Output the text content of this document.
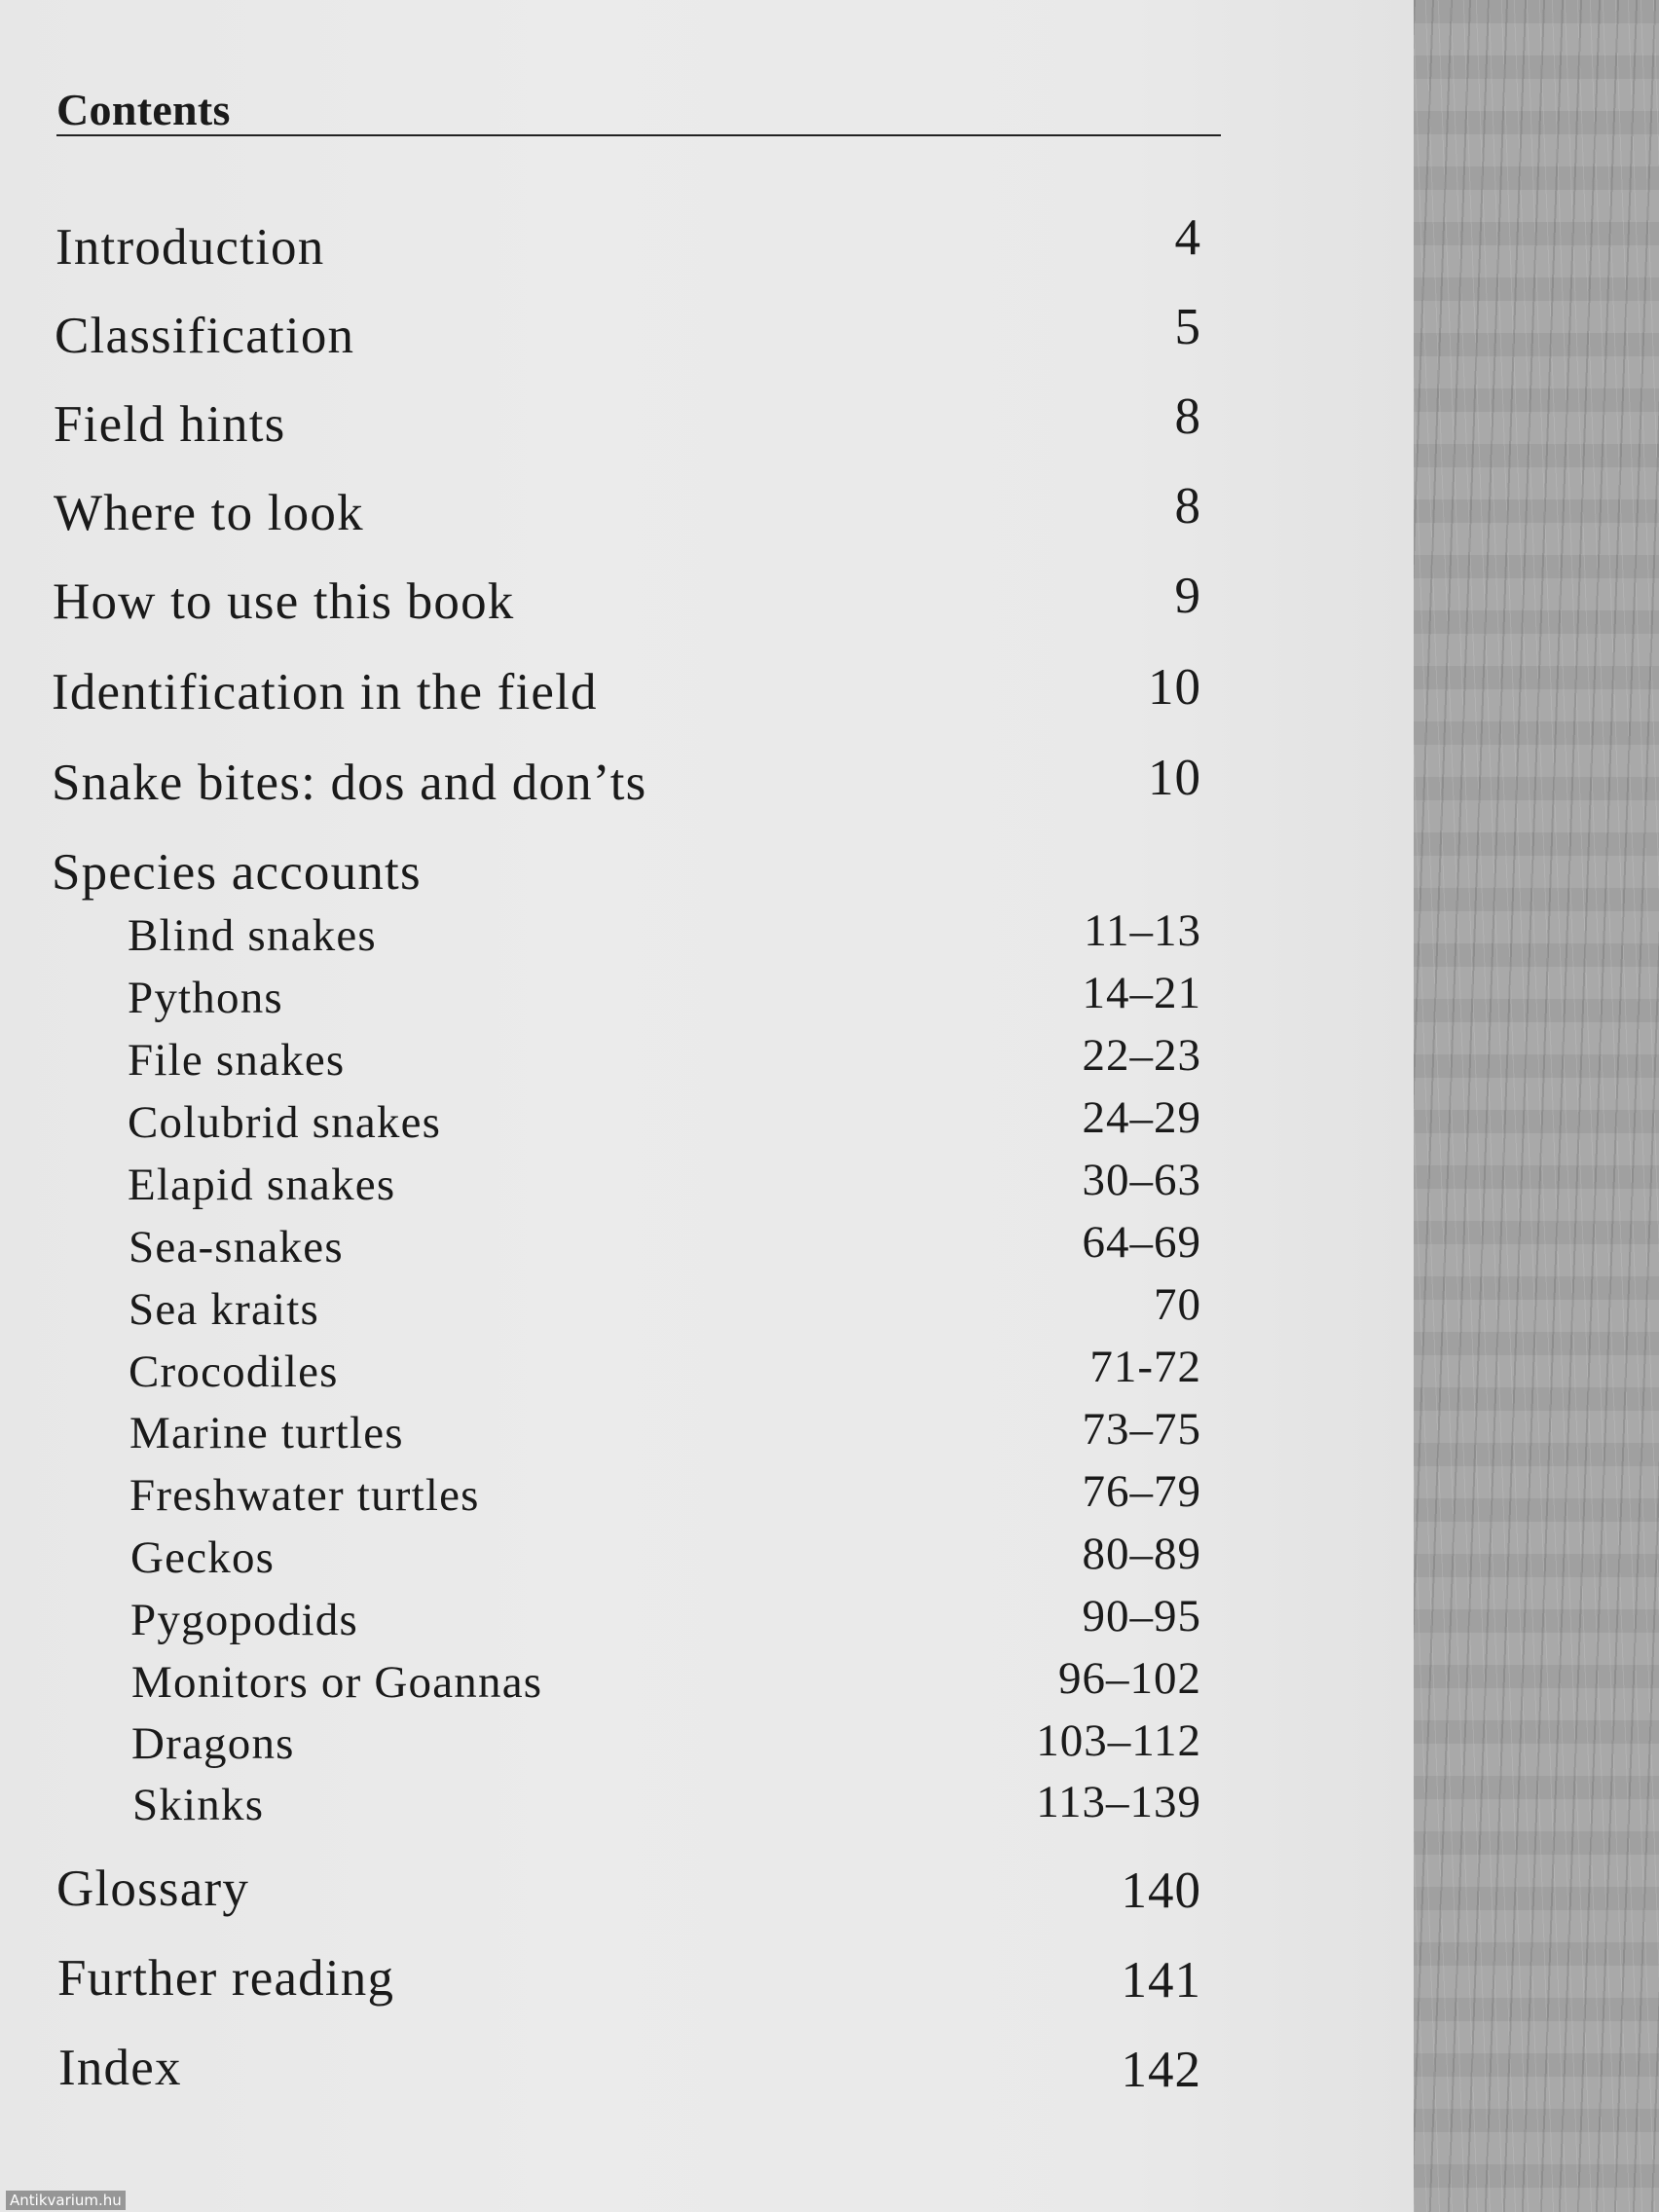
Contents
Introduction	4
Classification	5
Field hints	8
Where to look	8
How to use this book	9
Identification in the field	10
Snake bites: dos and don’ts	10
Species accounts
Blind snakes	11–13
Pythons	14–21
File snakes	22–23
Colubrid snakes	24–29
Elapid snakes	30–63
Sea-snakes	64–69
Sea kraits	70
Crocodiles	71-72
Marine turtles	73–75
Freshwater turtles	76–79
Geckos	80–89
Pygopodids	90–95
Monitors or Goannas	96–102
Dragons	103–112
Skinks	113–139
Glossary	140
Further reading	141
Index	142
Antikvarium.hu
